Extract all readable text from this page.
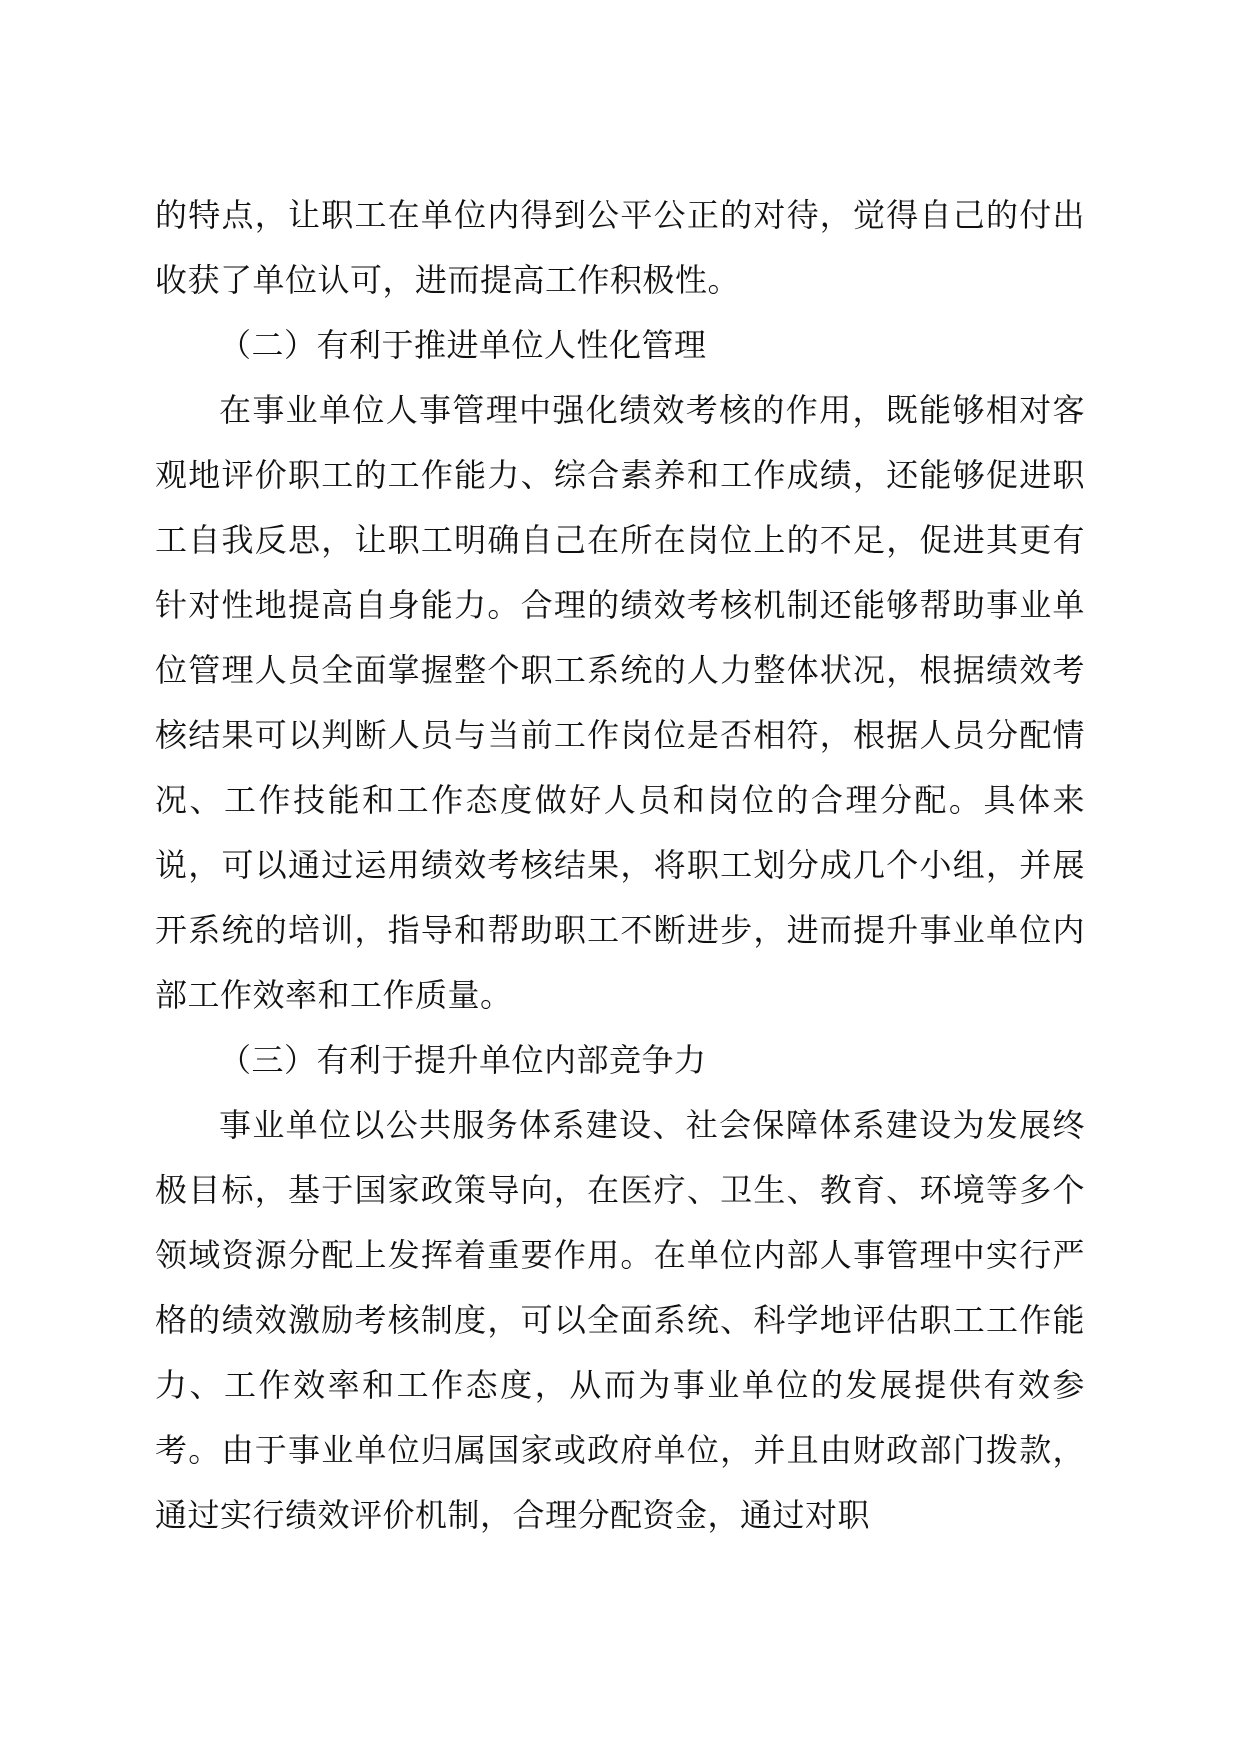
的特点，让职工在单位内得到公平公正的对待，觉得自己的付出收获了单位认可，进而提高工作积极性。

（二）有利于推进单位人性化管理

在事业单位人事管理中强化绩效考核的作用，既能够相对客观地评价职工的工作能力、综合素养和工作成绩，还能够促进职工自我反思，让职工明确自己在所在岗位上的不足，促进其更有针对性地提高自身能力。合理的绩效考核机制还能够帮助事业单位管理人员全面掌握整个职工系统的人力整体状况，根据绩效考核结果可以判断人员与当前工作岗位是否相符，根据人员分配情况、工作技能和工作态度做好人员和岗位的合理分配。具体来说，可以通过运用绩效考核结果，将职工划分成几个小组，并展开系统的培训，指导和帮助职工不断进步，进而提升事业单位内部工作效率和工作质量。

（三）有利于提升单位内部竞争力

事业单位以公共服务体系建设、社会保障体系建设为发展终极目标，基于国家政策导向，在医疗、卫生、教育、环境等多个领域资源分配上发挥着重要作用。在单位内部人事管理中实行严格的绩效激励考核制度，可以全面系统、科学地评估职工工作能力、工作效率和工作态度，从而为事业单位的发展提供有效参考。由于事业单位归属国家或政府单位，并且由财政部门拨款，通过实行绩效评价机制，合理分配资金，通过对职
